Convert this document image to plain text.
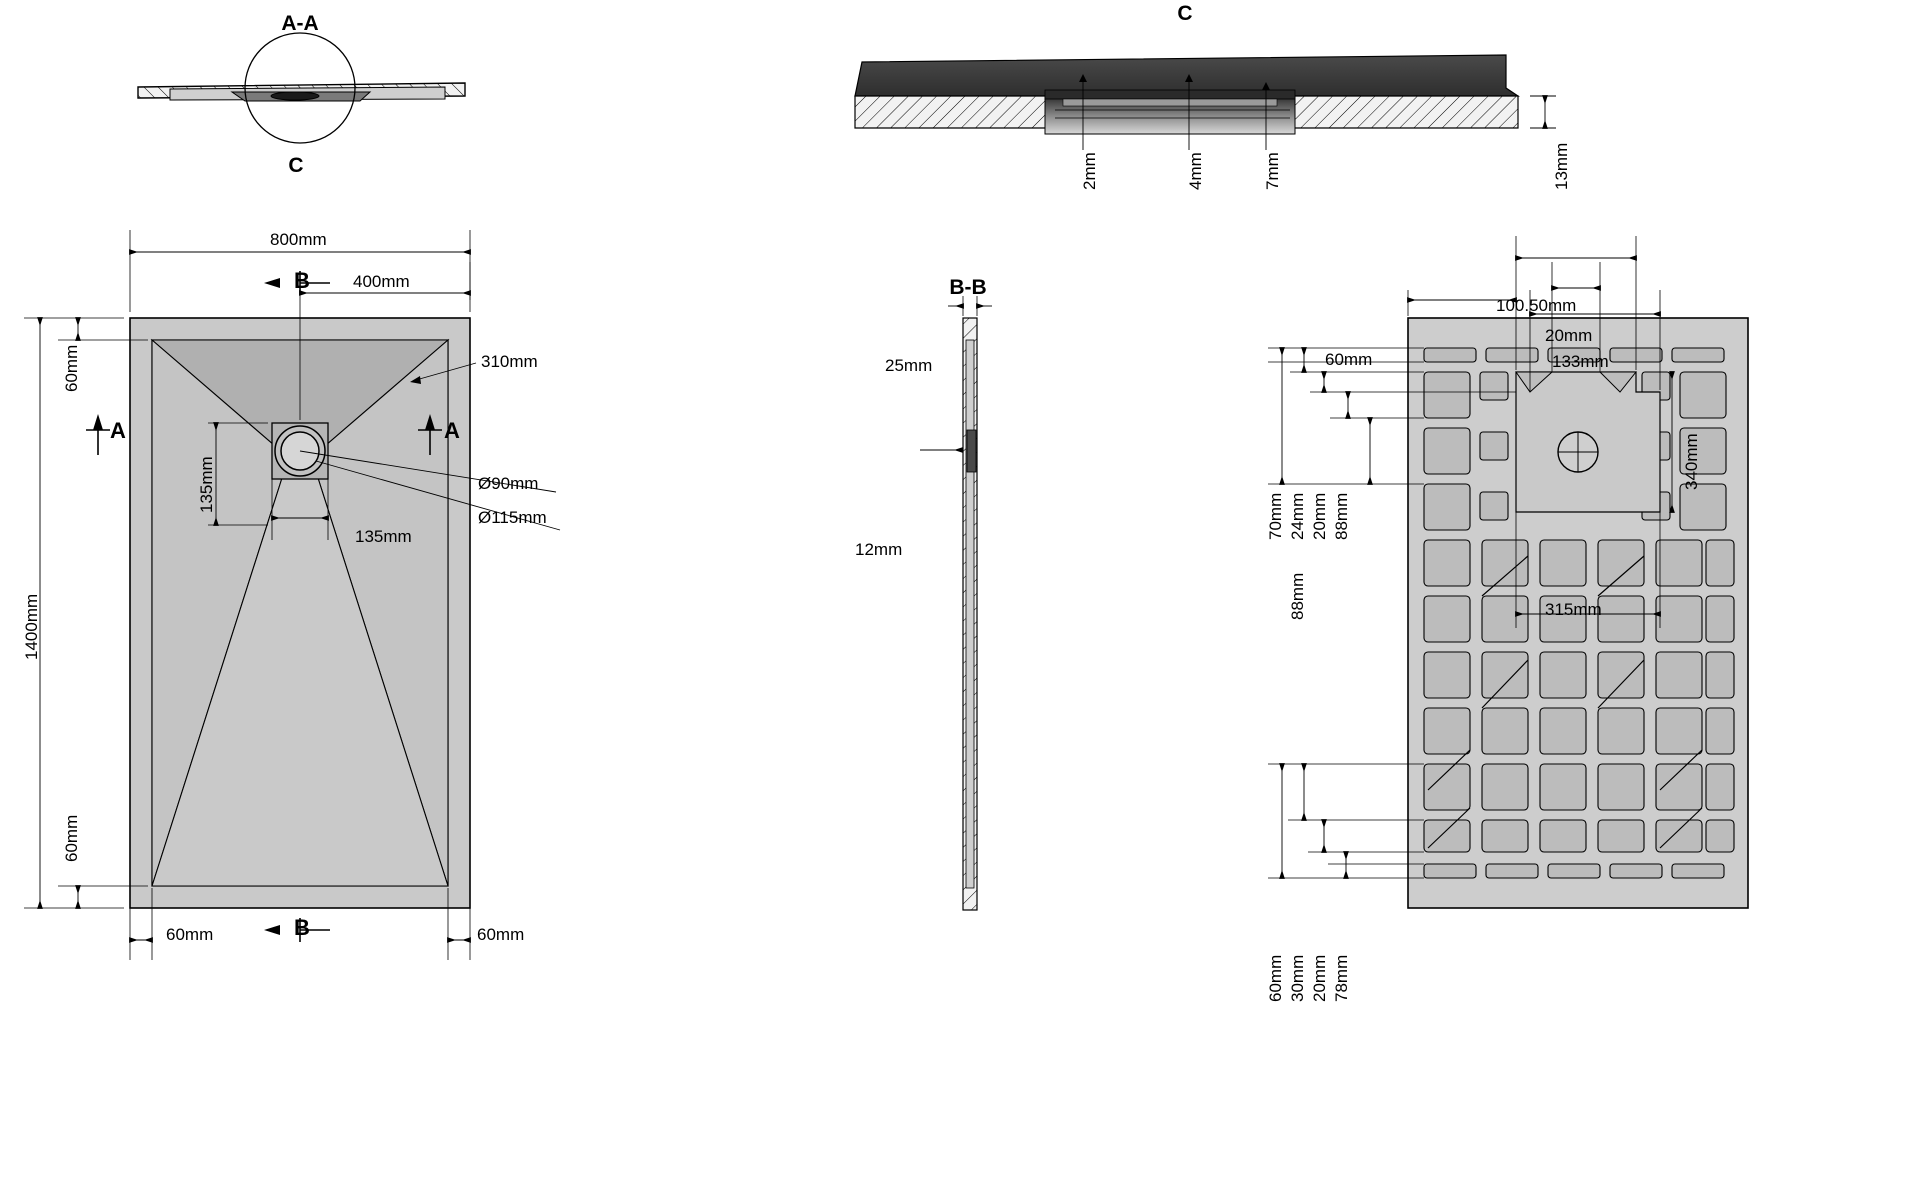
A-A
C
C
B-B
2mm	4mm	7mm	13mm
800mm
400mm
1400mm
60mm
60mm
310mm
135mm
135mm
Ø90mm
Ø115mm
60mm	60mm
A	A
B
B
25mm
12mm
100.50mm
20mm
133mm
60mm
70mm 24mm 20mm 88mm
88mm	315mm
340mm
60mm 30mm 20mm 78mm
